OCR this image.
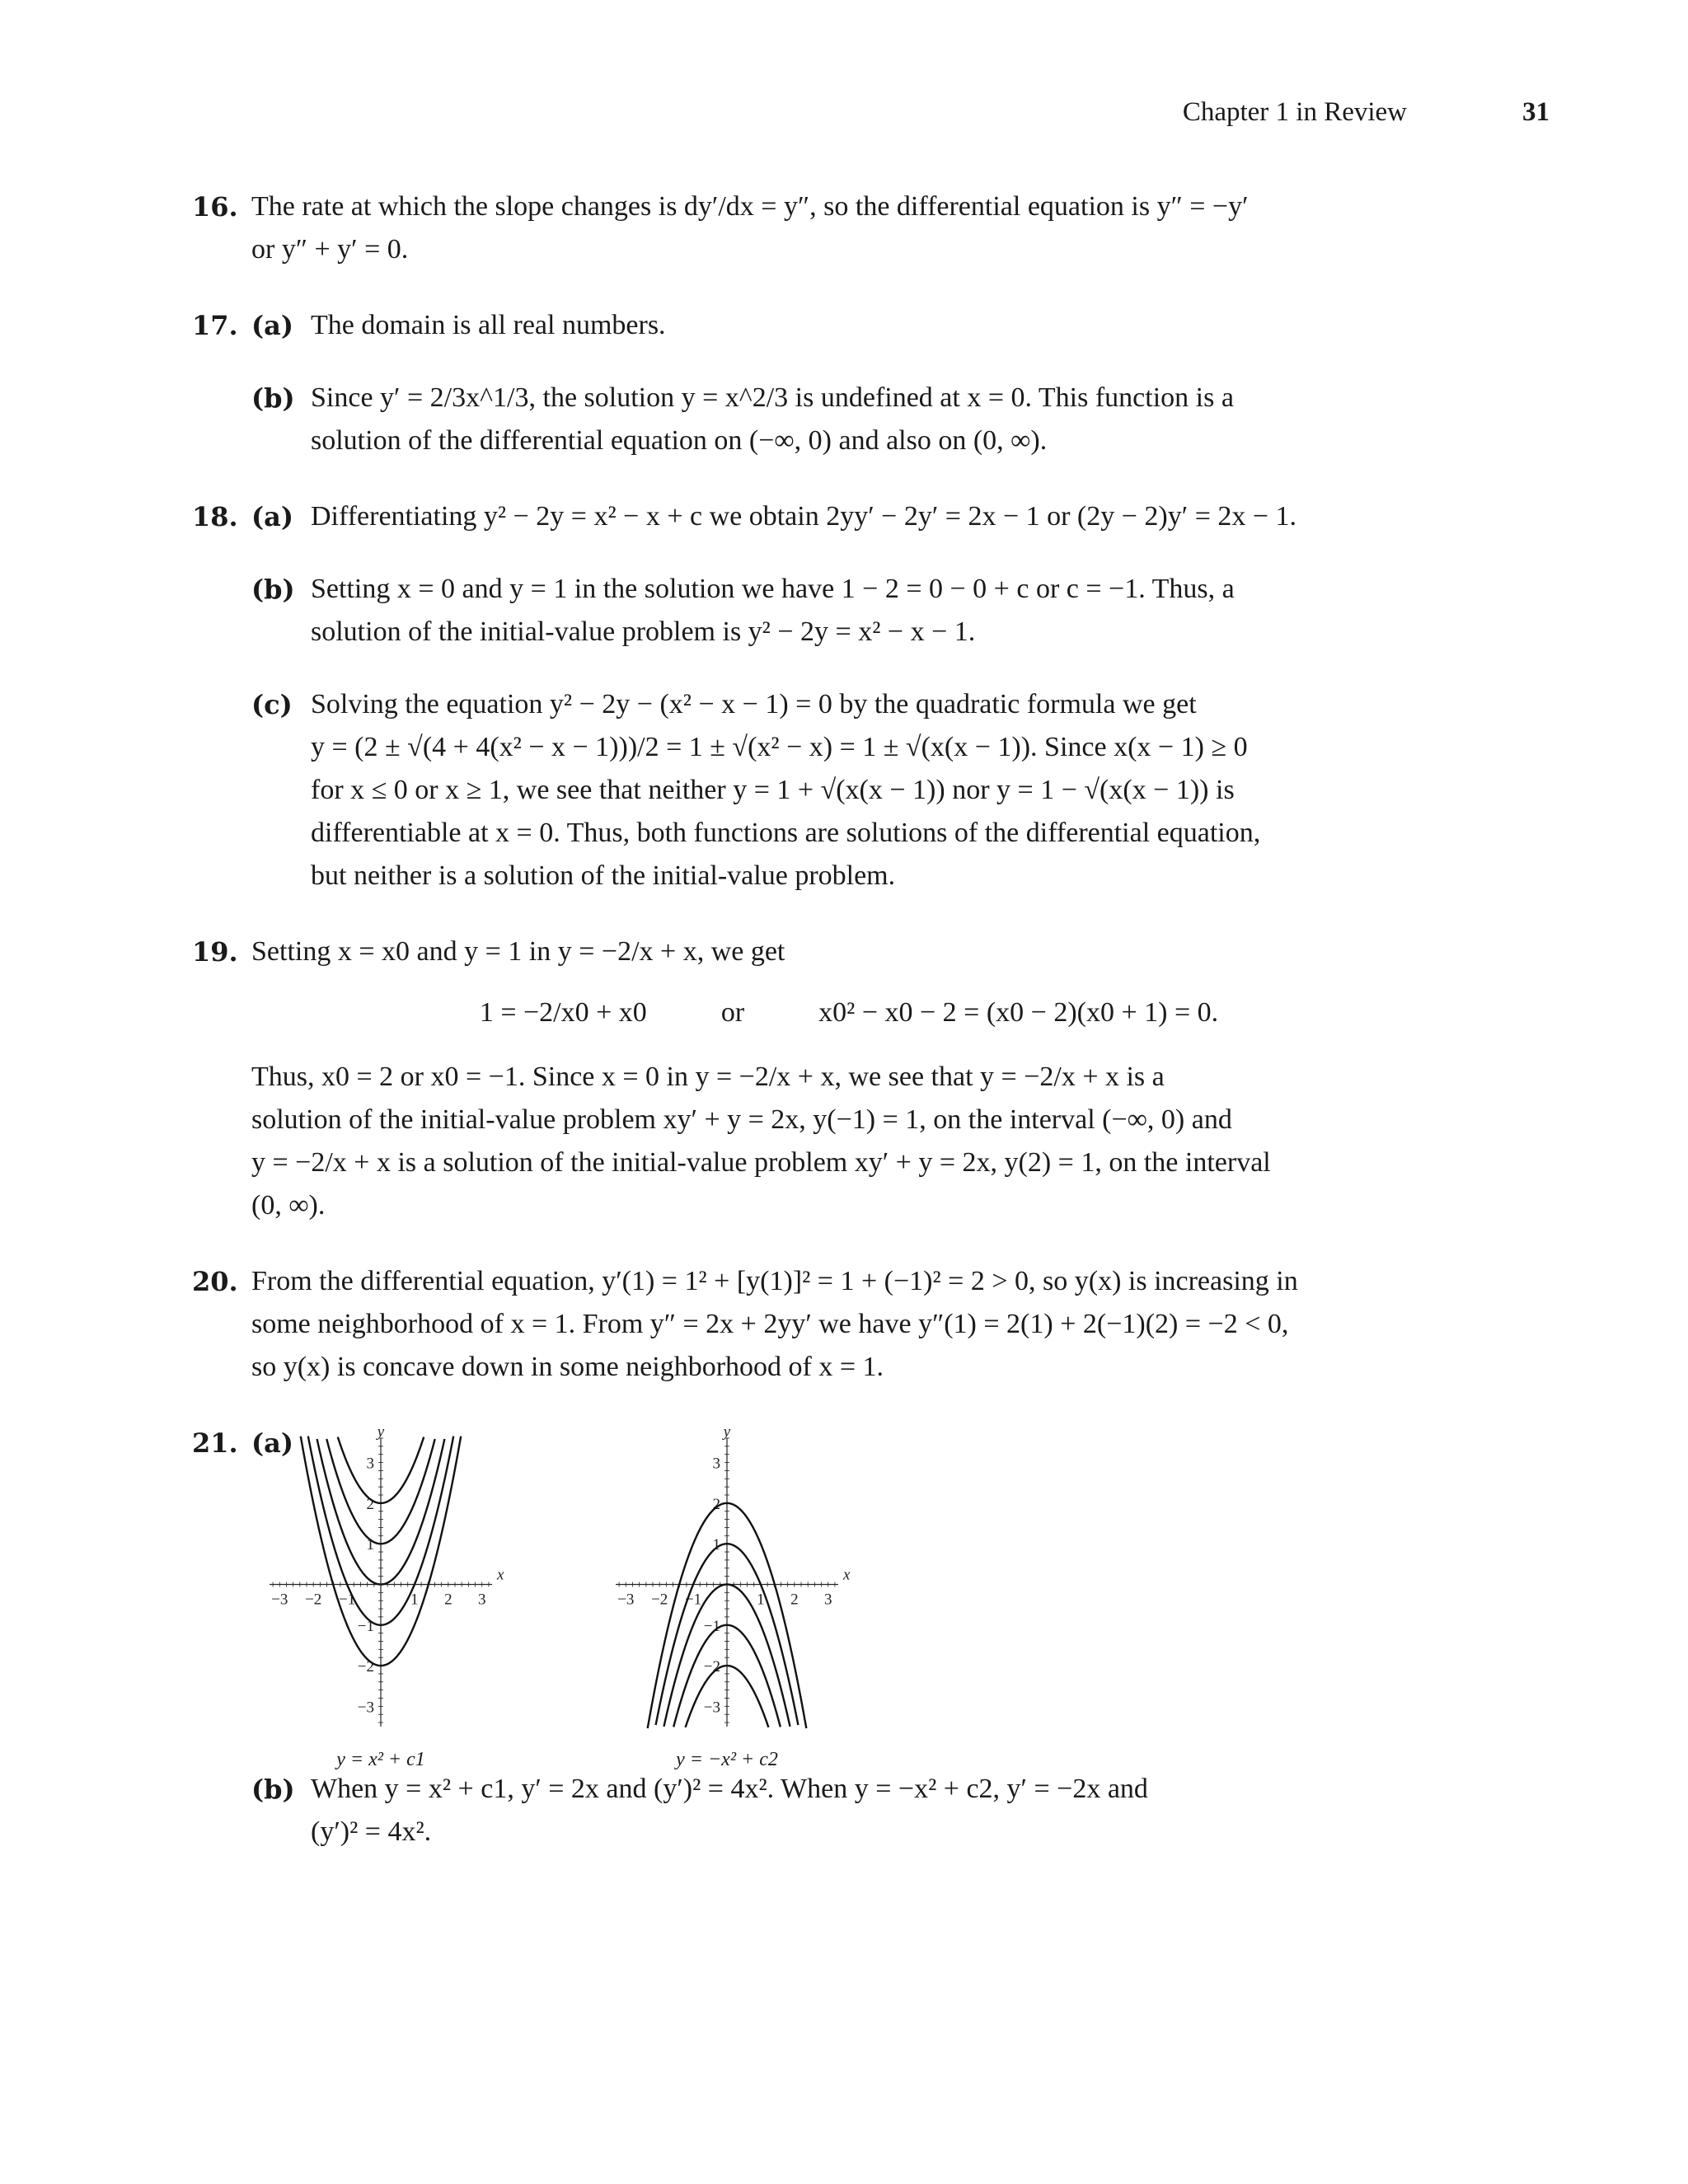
Chapter 1 in Review	31
16. The rate at which the slope changes is dy′/dx = y″, so the differential equation is y″ = −y′

or y″ + y′ = 0.

17. (a) The domain is all real numbers.

(b) Since y′ = 2/3x^1/3, the solution y = x^2/3 is undefined at x = 0. This function is a

solution of the differential equation on (−∞, 0) and also on (0, ∞).

18. (a) Differentiating y² − 2y = x² − x + c we obtain 2yy′ − 2y′ = 2x − 1 or (2y − 2)y′ = 2x − 1.

(b) Setting x = 0 and y = 1 in the solution we have 1 − 2 = 0 − 0 + c or c = −1. Thus, a

solution of the initial-value problem is y² − 2y = x² − x − 1.

(c) Solving the equation y² − 2y − (x² − x − 1) = 0 by the quadratic formula we get

y = (2 ± √(4 + 4(x² − x − 1)))/2 = 1 ± √(x² − x) = 1 ± √(x(x − 1)). Since x(x − 1) ≥ 0

for x ≤ 0 or x ≥ 1, we see that neither y = 1 + √(x(x − 1)) nor y = 1 − √(x(x − 1)) is

differentiable at x = 0. Thus, both functions are solutions of the differential equation,

but neither is a solution of the initial-value problem.

19. Setting x = x0 and y = 1 in y = −2/x + x, we get

1 = −2/x0 + x0	or	x0² − x0 − 2 = (x0 − 2)(x0 + 1) = 0.

Thus, x0 = 2 or x0 = −1. Since x = 0 in y = −2/x + x, we see that y = −2/x + x is a

solution of the initial-value problem xy′ + y = 2x, y(−1) = 1, on the interval (−∞, 0) and

y = −2/x + x is a solution of the initial-value problem xy′ + y = 2x, y(2) = 1, on the interval

(0, ∞).

20. From the differential equation, y′(1) = 1² + [y(1)]² = 1 + (−1)² = 2 > 0, so y(x) is increasing in

some neighborhood of x = 1. From y″ = 2x + 2yy′ we have y″(1) = 2(1) + 2(−1)(2) = −2 < 0,

so y(x) is concave down in some neighborhood of x = 1.

21. (a)
−3 −2 −1	1 2 3
3
2
1
−1
−2
−3
x
y
y = x² + c1
−3 −2 −1	1 2 3
3
2
1
−1
−2
−3
x
y
y = −x² + c2
(b) When y = x² + c1, y′ = 2x and (y′)² = 4x². When y = −x² + c2, y′ = −2x and

(y′)² = 4x².
